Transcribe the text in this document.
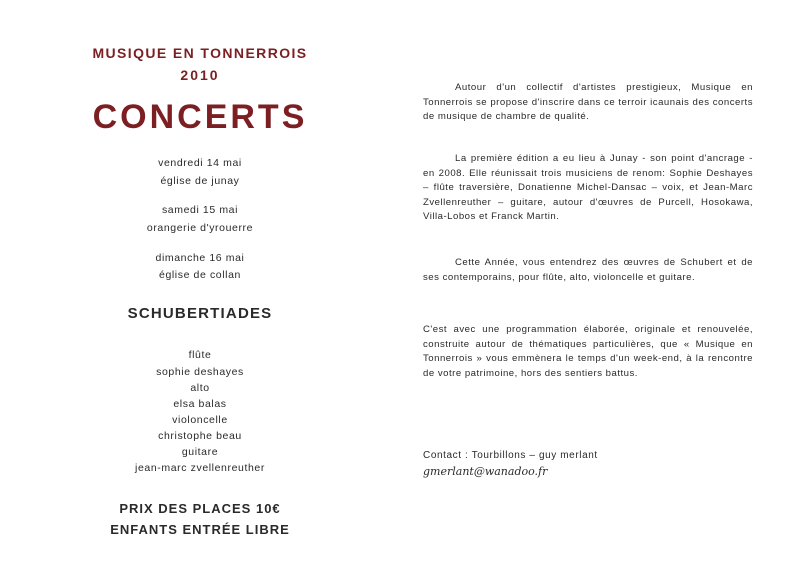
MUSIQUE EN TONNERROIS
2010
CONCERTS
vendredi 14 mai
église de junay
samedi 15 mai
orangerie d'yrouerre
dimanche 16 mai
église de collan
SCHUBERTIADES
flûte
sophie deshayes
alto
elsa balas
violoncelle
christophe beau
guitare
jean-marc zvellenreuther
PRIX DES PLACES 10€
ENFANTS ENTRÉE LIBRE

Autour d'un collectif d'artistes prestigieux, Musique en Tonnerrois se propose d'inscrire dans ce terroir icaunais des concerts de musique de chambre de qualité.

La première édition a eu lieu à Junay - son point d'ancrage - en 2008. Elle réunissait trois musiciens de renom: Sophie Deshayes – flûte traversière, Donatienne Michel-Dansac – voix, et Jean-Marc Zvellenreuther – guitare, autour d'œuvres de Purcell, Hosokawa, Villa-Lobos et Franck Martin.

Cette Année, vous entendrez des œuvres de Schubert et de ses contemporains, pour flûte, alto, violoncelle et guitare.

C'est avec une programmation élaborée, originale et renouvelée, construite autour de thématiques particulières, que « Musique en Tonnerrois » vous emmènera le temps d'un week-end, à la rencontre de votre patrimoine, hors des sentiers battus.

Contact : Tourbillons – guy merlant
gmerlant@wanadoo.fr
